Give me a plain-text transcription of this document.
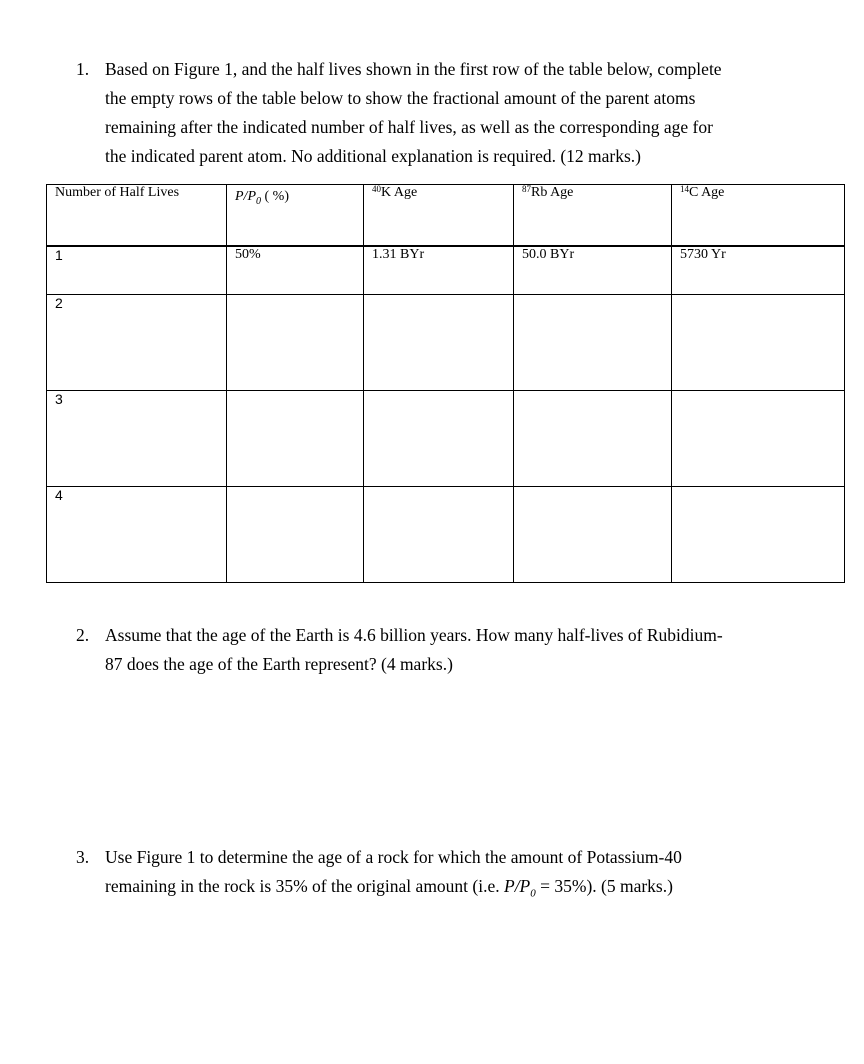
1. Based on Figure 1, and the half lives shown in the first row of the table below, complete
the empty rows of the table below to show the fractional amount of the parent atoms
remaining after the indicated number of half lives, as well as the corresponding age for
the indicated parent atom. No additional explanation is required. (12 marks.)
Number of Half Lives	$P/P_0$ ( %)	$^{40}$K Age	$^{87}$Rb Age	$^{14}$C Age
1	50%	1.31 BYr	50.0 BYr	5730 Yr
2				
3				
4				
2. Assume that the age of the Earth is 4.6 billion years. How many half-lives of Rubidium-
87 does the age of the Earth represent? (4 marks.)
3. Use Figure 1 to determine the age of a rock for which the amount of Potassium-40
remaining in the rock is 35% of the original amount (i.e. $P/P_0 = 35\%$). (5 marks.)
